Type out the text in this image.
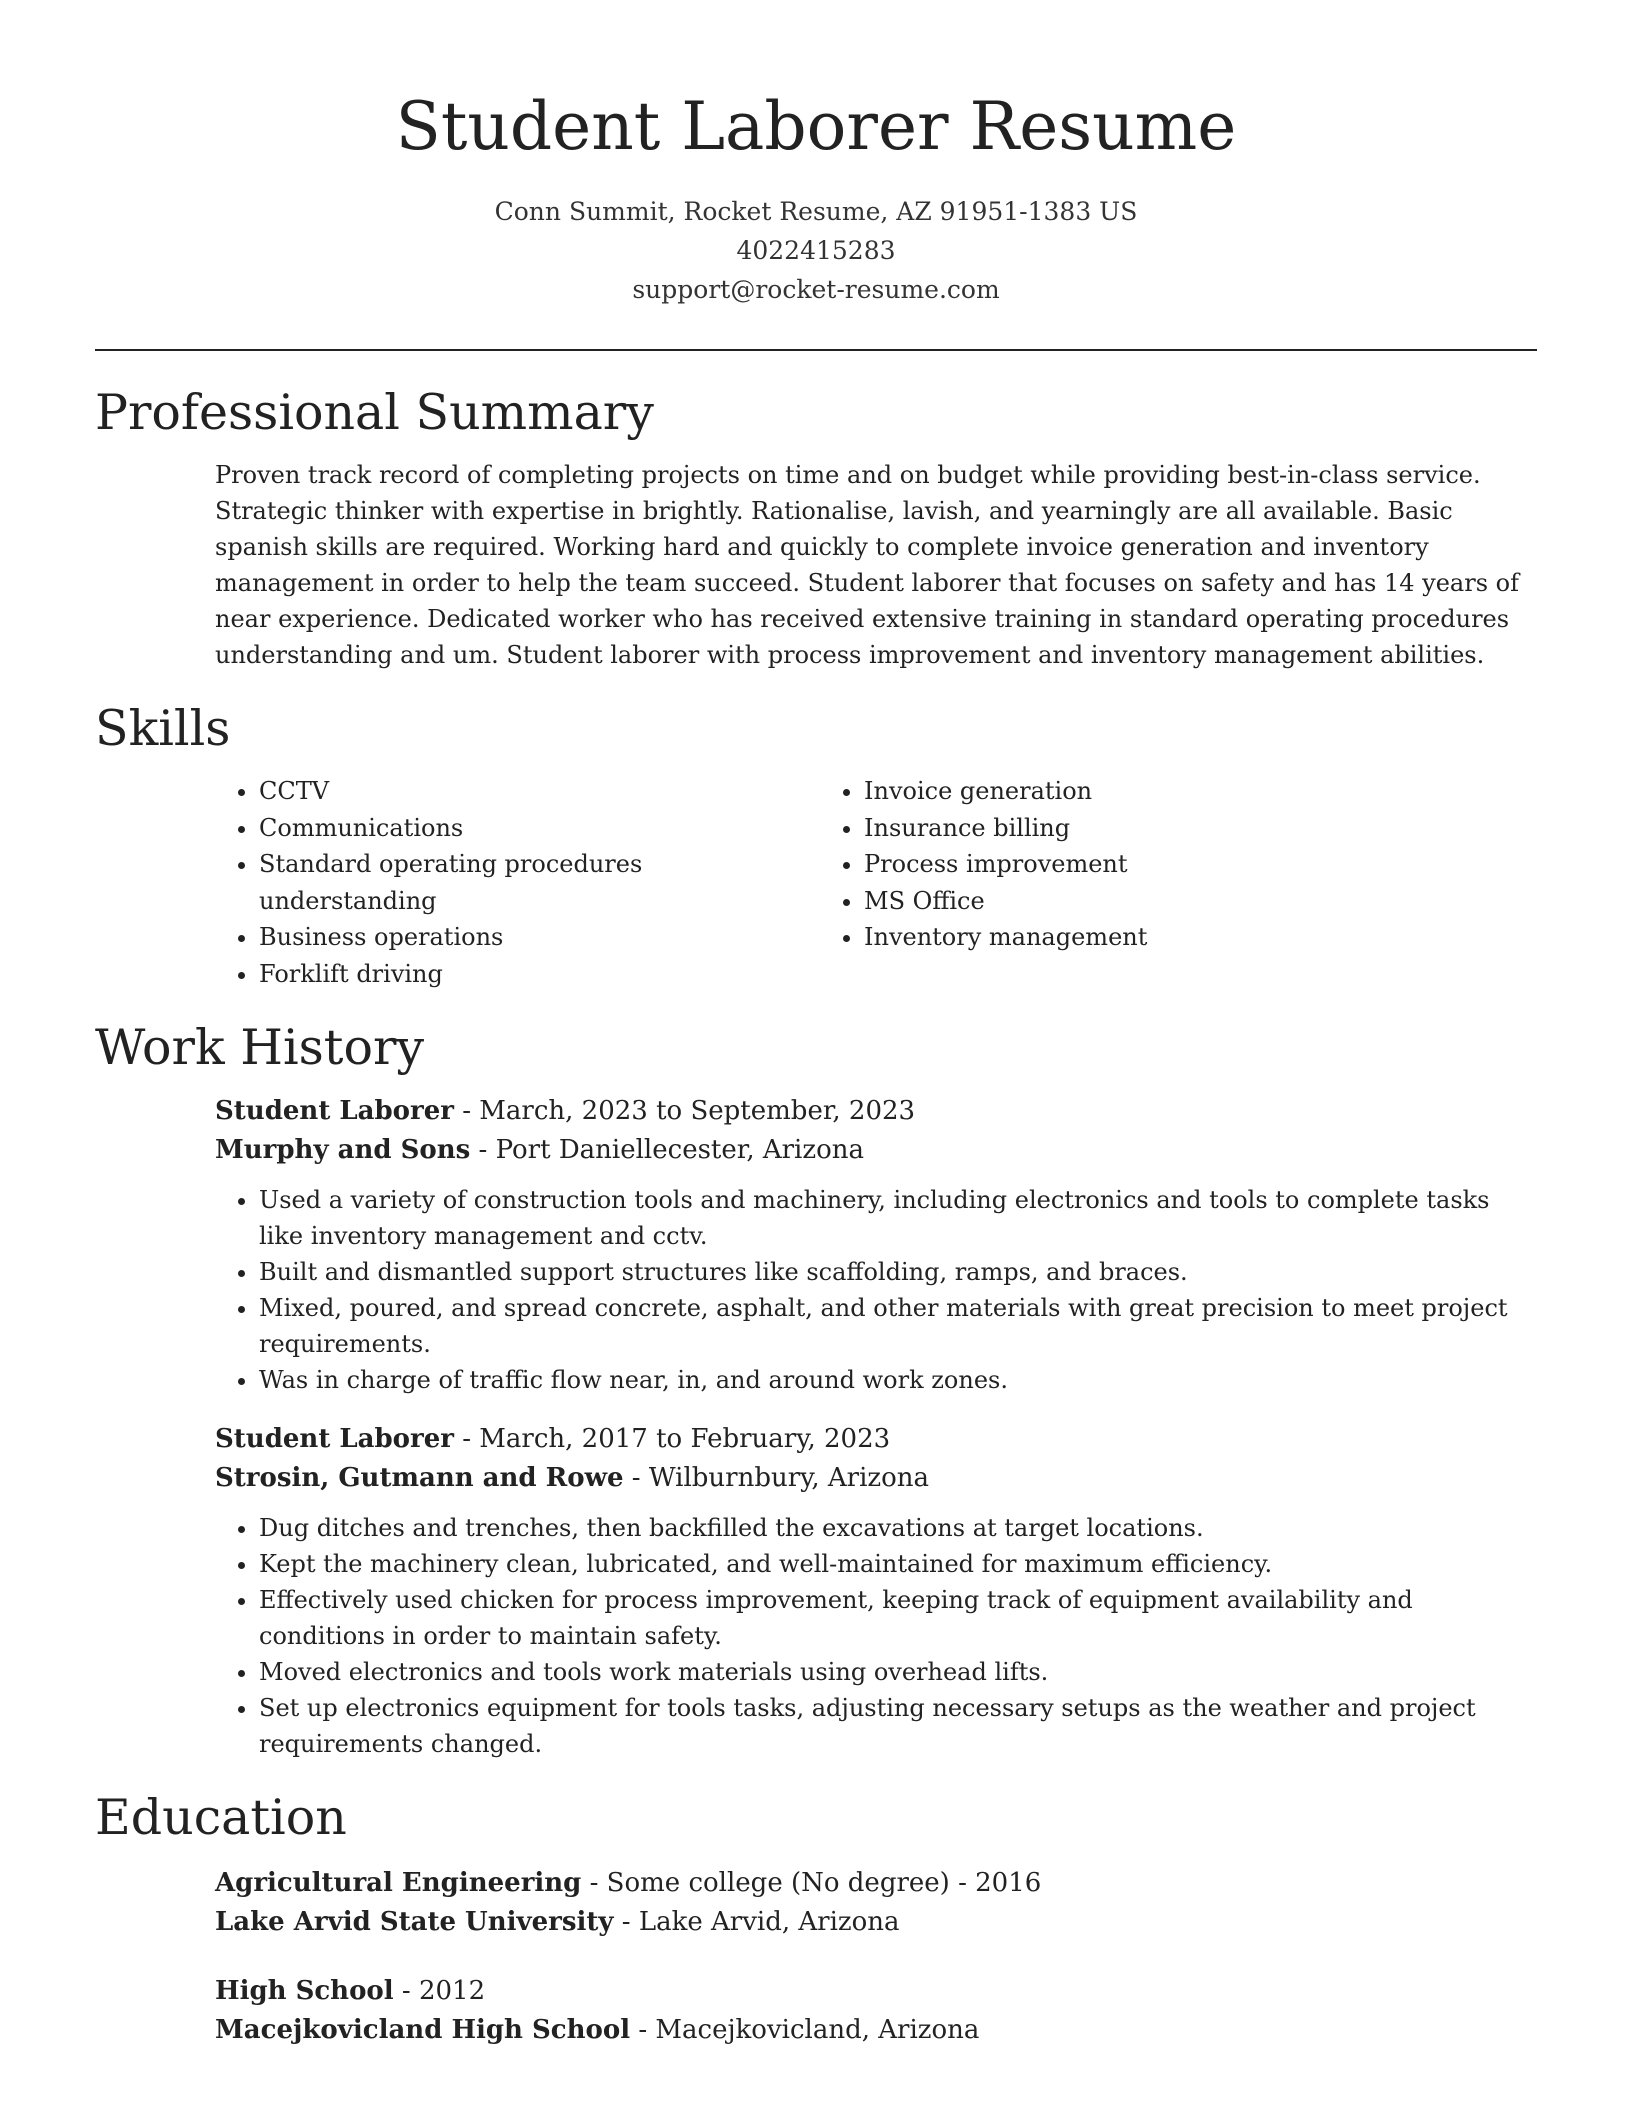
Student Laborer Resume
Conn Summit, Rocket Resume, AZ 91951-1383 US
4022415283
support@rocket-resume.com
Professional Summary

Proven track record of completing projects on time and on budget while providing best-in-class service. Strategic thinker with expertise in brightly. Rationalise, lavish, and yearningly are all available. Basic spanish skills are required. Working hard and quickly to complete invoice generation and inventory management in order to help the team succeed. Student laborer that focuses on safety and has 14 years of near experience. Dedicated worker who has received extensive training in standard operating procedures understanding and um. Student laborer with process improvement and inventory management abilities.

Skills
• CCTV
• Communications
• Standard operating procedures understanding
• Business operations
• Forklift driving
• Invoice generation
• Insurance billing
• Process improvement
• MS Office
• Inventory management
Work History
Student Laborer - March, 2023 to September, 2023
Murphy and Sons - Port Daniellecester, Arizona
• Used a variety of construction tools and machinery, including electronics and tools to complete tasks like inventory management and cctv.
• Built and dismantled support structures like scaffolding, ramps, and braces.
• Mixed, poured, and spread concrete, asphalt, and other materials with great precision to meet project requirements.
• Was in charge of traffic flow near, in, and around work zones.
Student Laborer - March, 2017 to February, 2023
Strosin, Gutmann and Rowe - Wilburnbury, Arizona
• Dug ditches and trenches, then backfilled the excavations at target locations.
• Kept the machinery clean, lubricated, and well-maintained for maximum efficiency.
• Effectively used chicken for process improvement, keeping track of equipment availability and conditions in order to maintain safety.
• Moved electronics and tools work materials using overhead lifts.
• Set up electronics equipment for tools tasks, adjusting necessary setups as the weather and project requirements changed.
Education
Agricultural Engineering - Some college (No degree) - 2016
Lake Arvid State University - Lake Arvid, Arizona
High School - 2012
Macejkovicland High School - Macejkovicland, Arizona
